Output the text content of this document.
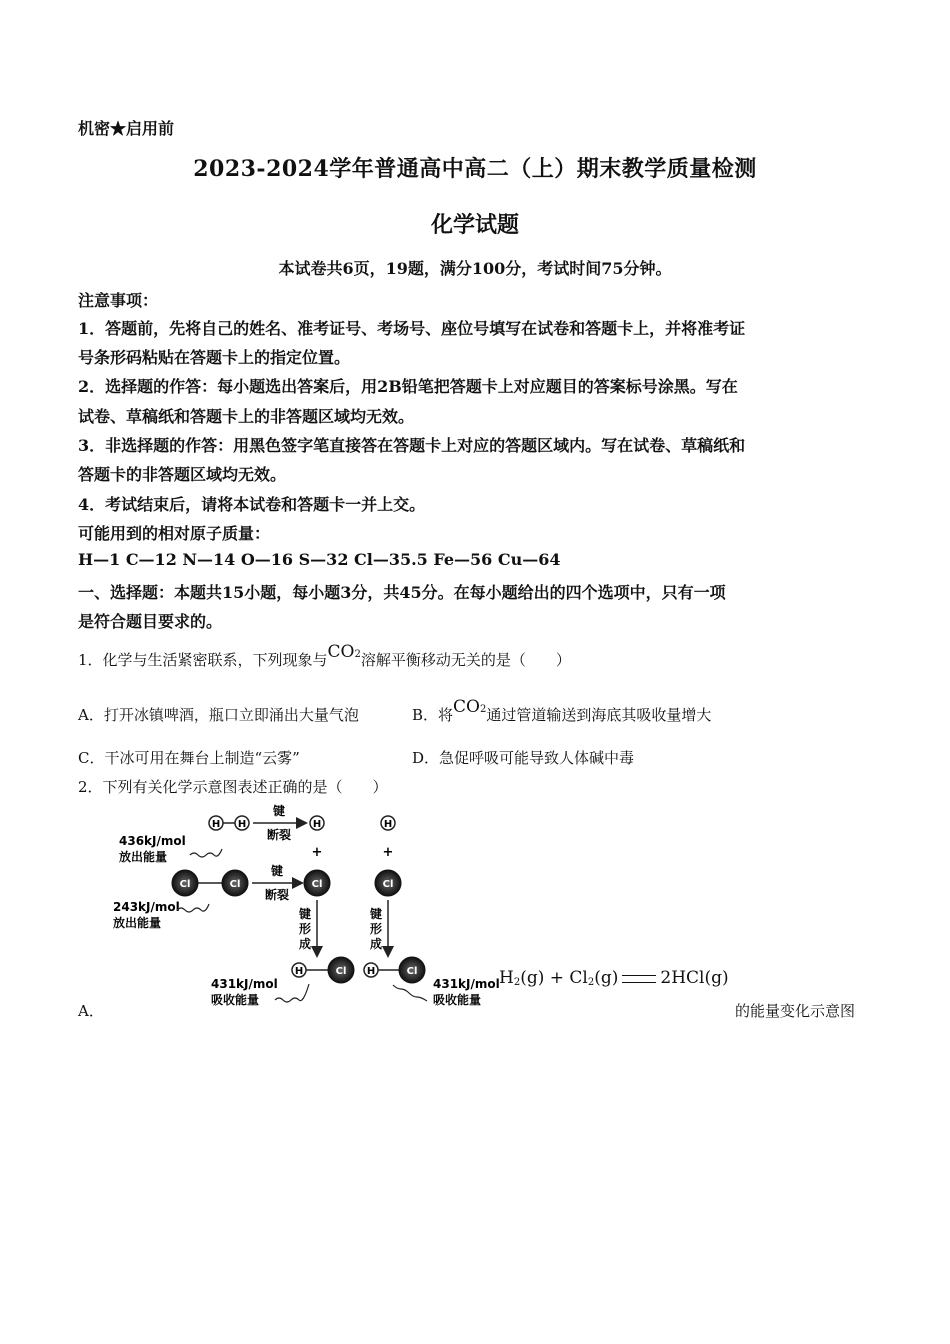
机密★启用前
2023-2024学年普通高中高二（上）期末教学质量检测
化学试题
本试卷共6页，19题，满分100分，考试时间75分钟。
注意事项：
1．答题前，先将自己的姓名、准考证号、考场号、座位号填写在试卷和答题卡上，并将准考证
号条形码粘贴在答题卡上的指定位置。
2．选择题的作答：每小题选出答案后，用2B铅笔把答题卡上对应题目的答案标号涂黑。写在
试卷、草稿纸和答题卡上的非答题区域均无效。
3．非选择题的作答：用黑色签字笔直接答在答题卡上对应的答题区域内。写在试卷、草稿纸和
答题卡的非答题区域均无效。
4．考试结束后，请将本试卷和答题卡一并上交。
可能用到的相对原子质量：
H—1 C—12 N—14 O—16 S—32 Cl—35.5 Fe—56 Cu—64
一、选择题：本题共15小题，每小题3分，共45分。在每小题给出的四个选项中，只有一项
是符合题目要求的。
1．化学与生活紧密联系，下列现象与CO2溶解平衡移动无关的是（　　）
A．打开冰镇啤酒，瓶口立即涌出大量气泡	B．将CO2通过管道输送到海底其吸收量增大
C．干冰可用在舞台上制造“云雾”	D．急促呼吸可能导致人体碱中毒
2．下列有关化学示意图表述正确的是（　　）
A．
H H
键
断裂
H	H
+	+
436kJ/mol
放出能量
Cl	Cl
键
断裂
Cl	Cl
243kJ/mol
放出能量
键
形
成
键
形
成
H	Cl H	Cl
431kJ/mol
吸收能量
431kJ/mol
吸收能量
$H_2(g) + Cl_2(g)$ 2HCl(g)
的能量变化示意图
